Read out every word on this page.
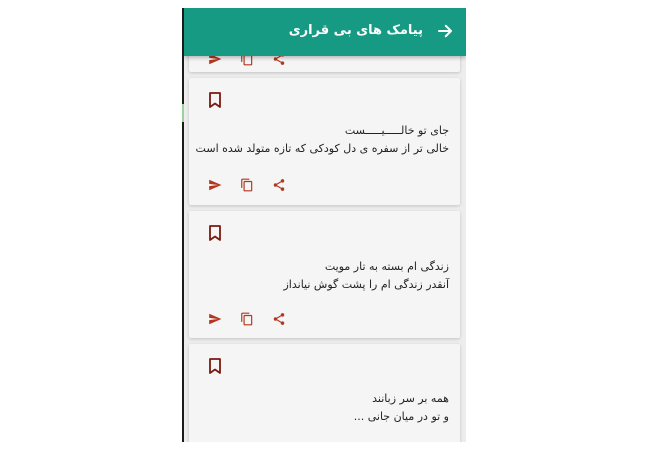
جای تو خالـــــیـــــست
خالی تر از سفره ی دل کودکی که تازه متولد شده است
زندگی ام بسته به تار مویت
آنقدر زندگی ام را پشت گوش نیانداز
همه بر سر زبانند
و تو در میان جانی ...
پیامک های بی قراری
